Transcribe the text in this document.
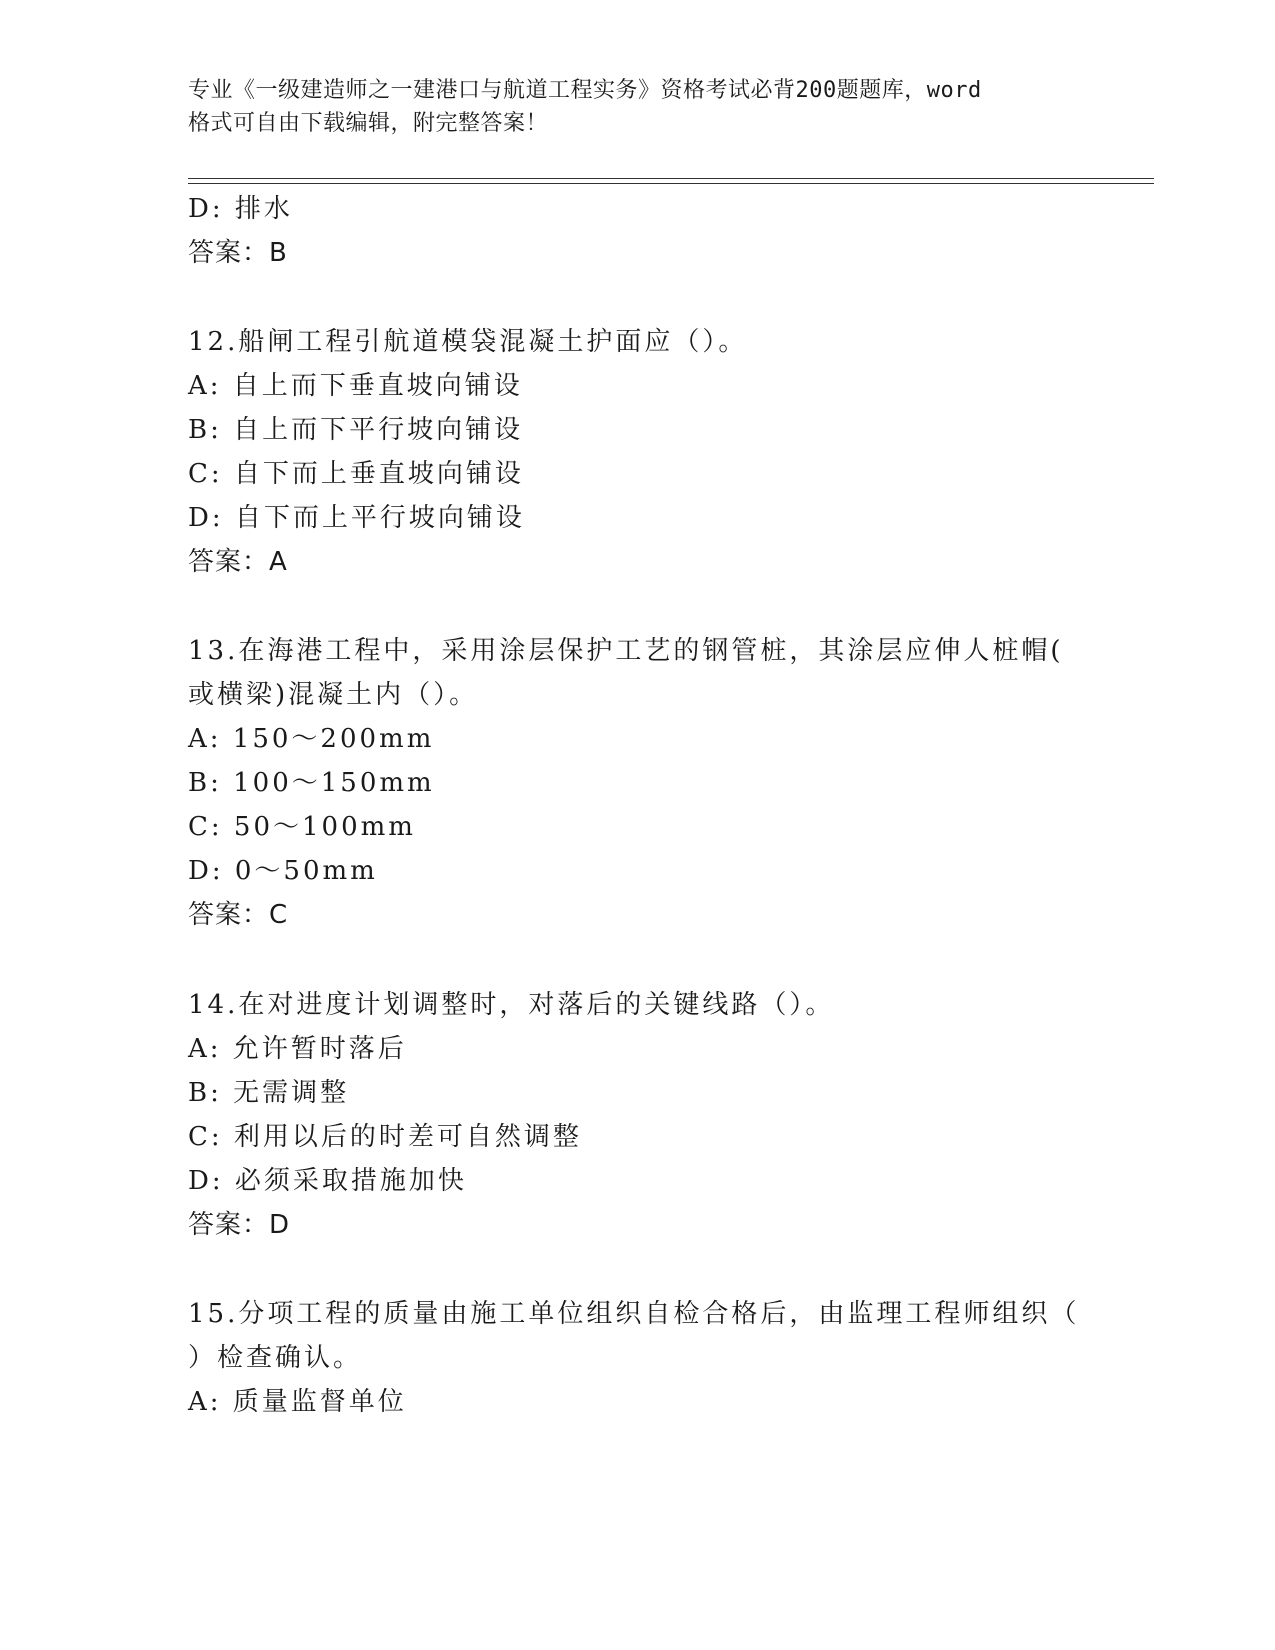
专业《一级建造师之一建港口与航道工程实务》资格考试必背200题题库，word
格式可自由下载编辑，附完整答案！
D: 排水
答案：B
12.船闸工程引航道模袋混凝土护面应（）。
A: 自上而下垂直坡向铺设
B: 自上而下平行坡向铺设
C: 自下而上垂直坡向铺设
D: 自下而上平行坡向铺设
答案：A
13.在海港工程中，采用涂层保护工艺的钢管桩，其涂层应伸人桩帽(
或横梁)混凝土内（）。
A: 150～200mm
B: 100～150mm
C: 50～100mm
D: 0～50mm
答案：C
14.在对进度计划调整时，对落后的关键线路（）。
A: 允许暂时落后
B: 无需调整
C: 利用以后的时差可自然调整
D: 必须采取措施加快
答案：D
15.分项工程的质量由施工单位组织自检合格后，由监理工程师组织（
）检查确认。
A: 质量监督单位
